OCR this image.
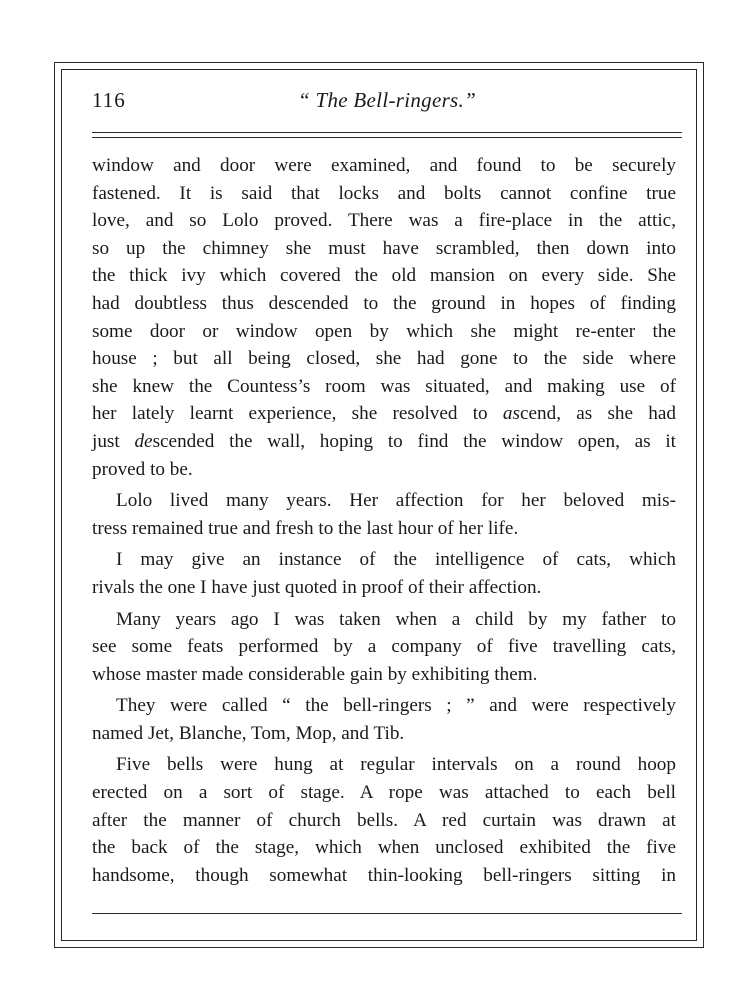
116	“ The Bell-ringers.”
window and door were examined, and found to be securely
fastened. It is said that locks and bolts cannot confine true
love, and so Lolo proved. There was a fire-place in the attic,
so up the chimney she must have scrambled, then down into
the thick ivy which covered the old mansion on every side. She
had doubtless thus descended to the ground in hopes of finding
some door or window open by which she might re-enter the
house ; but all being closed, she had gone to the side where
she knew the Countess’s room was situated, and making use of
her lately learnt experience, she resolved to ascend, as she had
just descended the wall, hoping to find the window open, as it
proved to be.
Lolo lived many years. Her affection for her beloved mis-
tress remained true and fresh to the last hour of her life.
I may give an instance of the intelligence of cats, which
rivals the one I have just quoted in proof of their affection.
Many years ago I was taken when a child by my father to
see some feats performed by a company of five travelling cats,
whose master made considerable gain by exhibiting them.
They were called “ the bell-ringers ; ” and were respectively
named Jet, Blanche, Tom, Mop, and Tib.
Five bells were hung at regular intervals on a round hoop
erected on a sort of stage. A rope was attached to each bell
after the manner of church bells. A red curtain was drawn at
the back of the stage, which when unclosed exhibited the five
handsome, though somewhat thin-looking bell-ringers sitting in
